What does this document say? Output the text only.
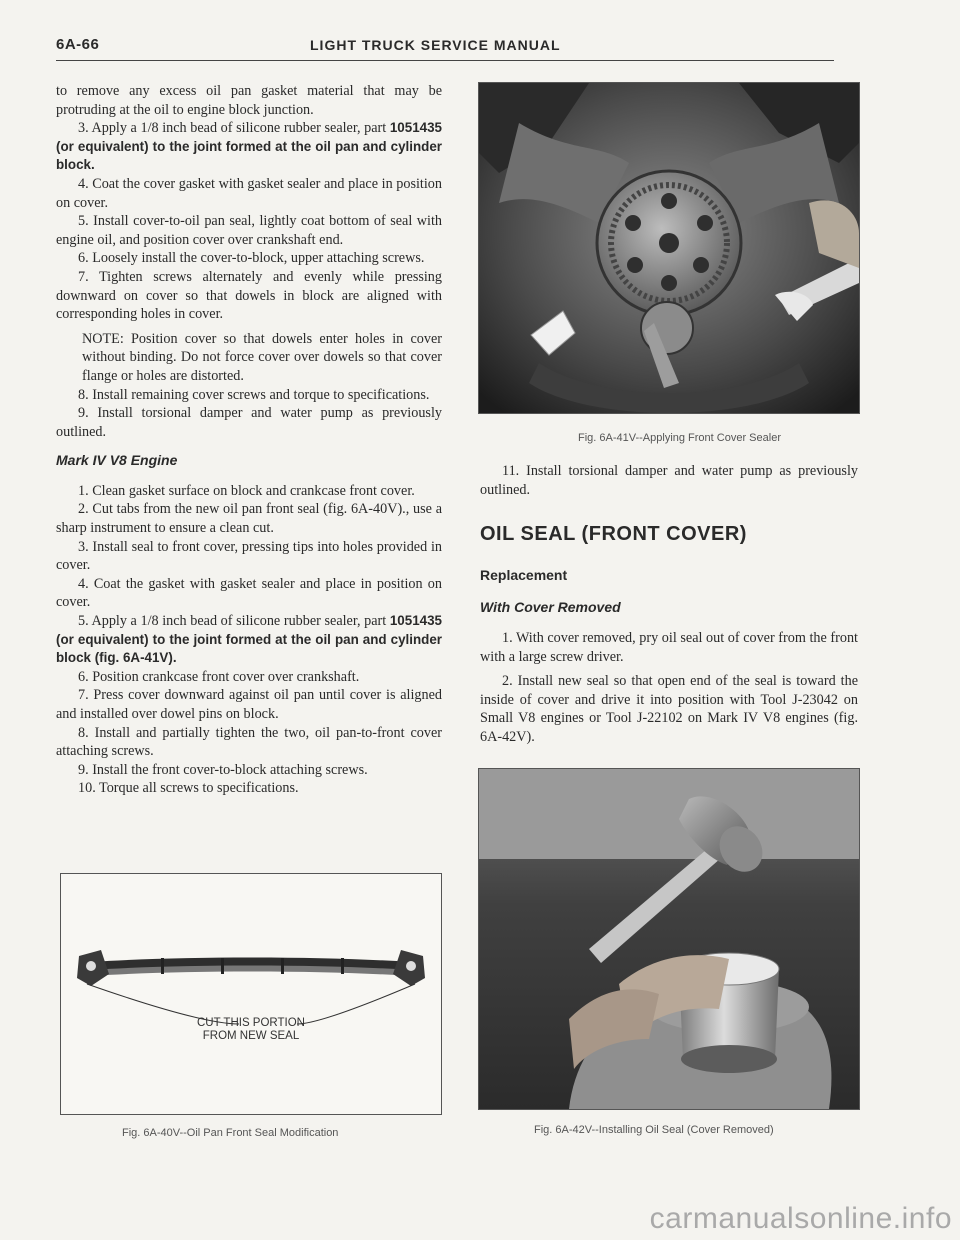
6A-66	LIGHT TRUCK SERVICE MANUAL

to remove any excess oil pan gasket material that may be protruding at the oil to engine block junction.

3. Apply a 1/8 inch bead of silicone rubber sealer, part 1051435 (or equivalent) to the joint formed at the oil pan and cylinder block.

4. Coat the cover gasket with gasket sealer and place in position on cover.

5. Install cover-to-oil pan seal, lightly coat bottom of seal with engine oil, and position cover over crankshaft end.

6. Loosely install the cover-to-block, upper attaching screws.

7. Tighten screws alternately and evenly while pressing downward on cover so that dowels in block are aligned with corresponding holes in cover.

NOTE: Position cover so that dowels enter holes in cover without binding. Do not force cover over dowels so that cover flange or holes are distorted.

8. Install remaining cover screws and torque to specifications.

9. Install torsional damper and water pump as previously outlined.

Mark IV V8 Engine

1. Clean gasket surface on block and crankcase front cover.

2. Cut tabs from the new oil pan front seal (fig. 6A-40V)., use a sharp instrument to ensure a clean cut.

3. Install seal to front cover, pressing tips into holes provided in cover.

4. Coat the gasket with gasket sealer and place in position on cover.

5. Apply a 1/8 inch bead of silicone rubber sealer, part 1051435 (or equivalent) to the joint formed at the oil pan and cylinder block (fig. 6A-41V).

6. Position crankcase front cover over crankshaft.

7. Press cover downward against oil pan until cover is aligned and installed over dowel pins on block.

8. Install and partially tighten the two, oil pan-to-front cover attaching screws.

9. Install the front cover-to-block attaching screws.

10. Torque all screws to specifications.

Fig. 6A-41V--Applying Front Cover Sealer

11. Install torsional damper and water pump as previously outlined.

OIL SEAL (FRONT COVER)

Replacement

With Cover Removed

1. With cover removed, pry oil seal out of cover from the front with a large screw driver.

2. Install new seal so that open end of the seal is toward the inside of cover and drive it into position with Tool J-23042 on Small V8 engines or Tool J-22102 on Mark IV V8 engines (fig. 6A-42V).

CUT THIS PORTION
FROM NEW SEAL
Fig. 6A-40V--Oil Pan Front Seal Modification	Fig. 6A-42V--Installing Oil Seal (Cover Removed)
carmanualsonline.info
